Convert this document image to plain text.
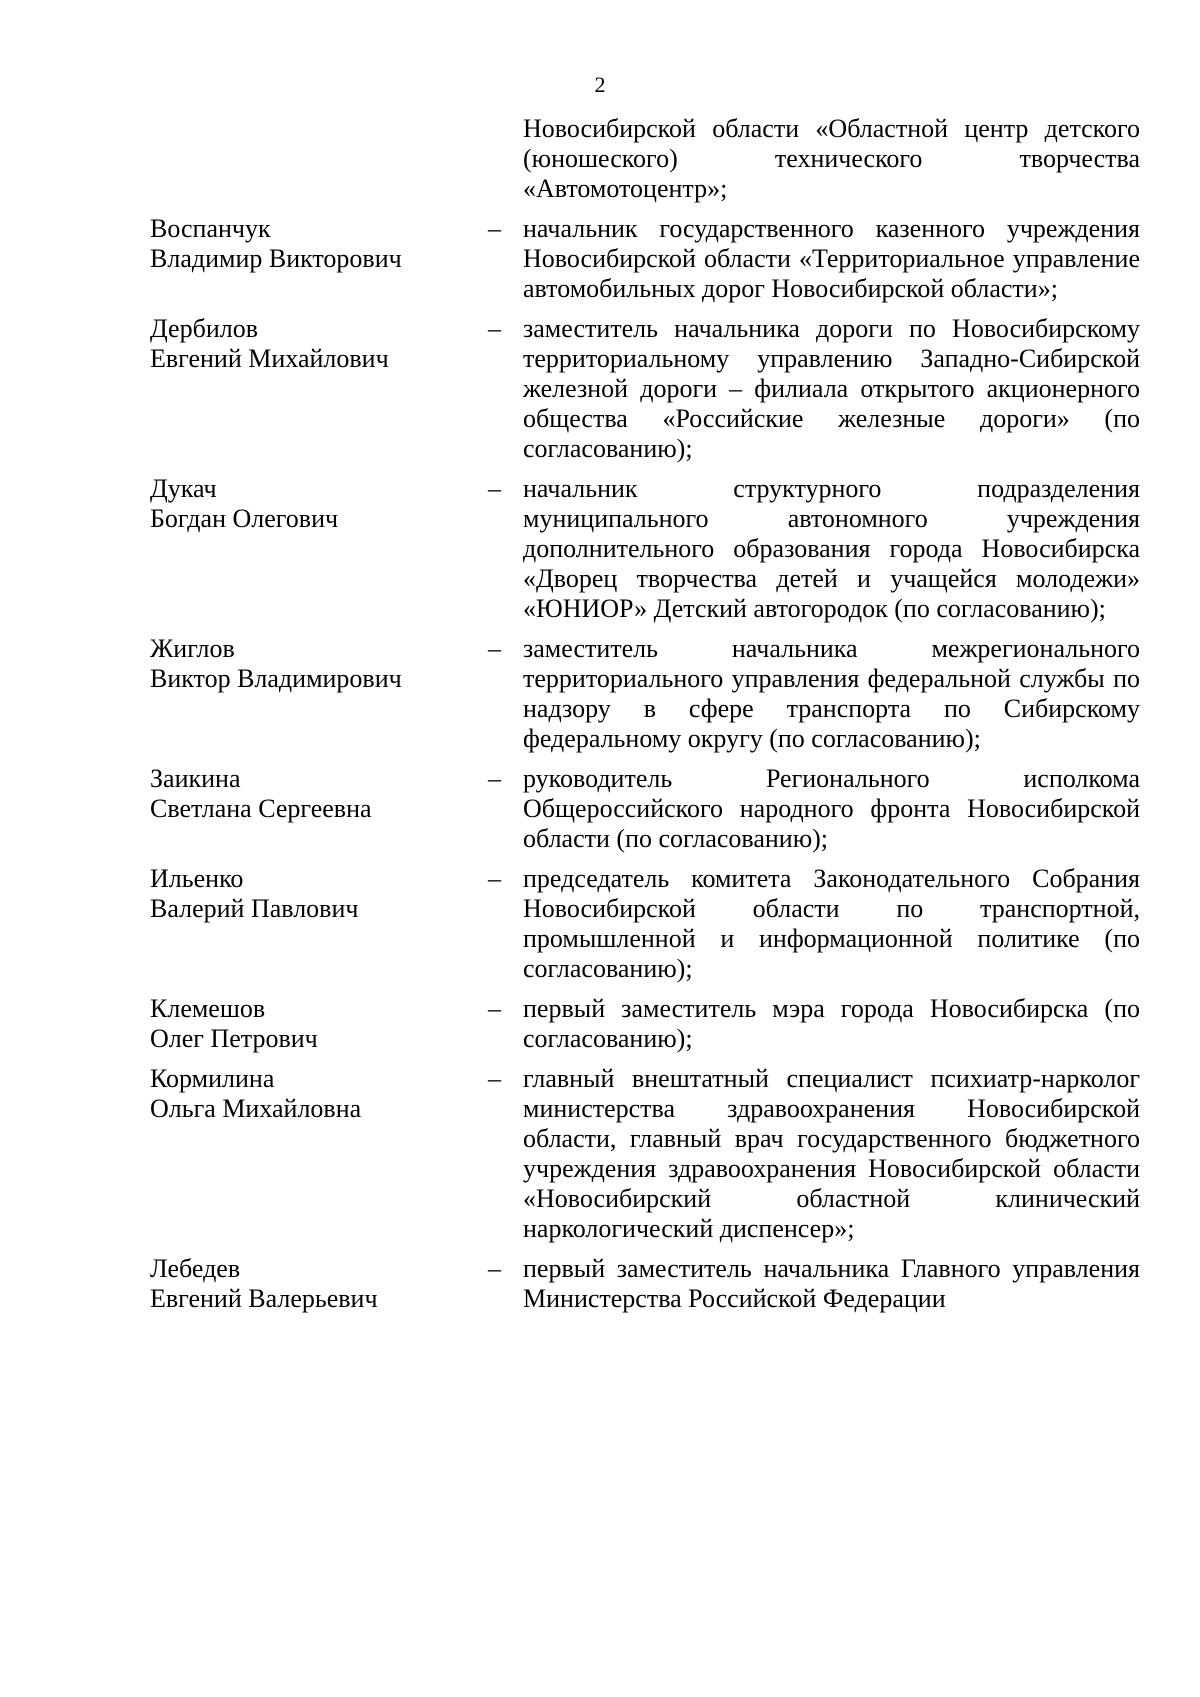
2
Новосибирской области «Областной центр детского (юношеского) технического творчества «Автомотоцентр»;
Воспанчук
Владимир Викторович
– начальник государственного казенного учреждения Новосибирской области «Территориальное управление автомобильных дорог Новосибирской области»;
Дербилов
Евгений Михайлович
– заместитель начальника дороги по Новосибирскому территориальному управлению Западно-Сибирской железной дороги – филиала открытого акционерного общества «Российские железные дороги» (по согласованию);
Дукач
Богдан Олегович
– начальник структурного подразделения муниципального автономного учреждения дополнительного образования города Новосибирска «Дворец творчества детей и учащейся молодежи» «ЮНИОР» Детский автогородок (по согласованию);
Жиглов
Виктор Владимирович
– заместитель начальника межрегионального территориального управления федеральной службы по надзору в сфере транспорта по Сибирскому федеральному округу (по согласованию);
Заикина
Светлана Сергеевна
– руководитель Регионального исполкома Общероссийского народного фронта Новосибирской области (по согласованию);
Ильенко
Валерий Павлович
– председатель комитета Законодательного Собрания Новосибирской области по транспортной, промышленной и информационной политике (по согласованию);
Клемешов
Олег Петрович
– первый заместитель мэра города Новосибирска (по согласованию);
Кормилина
Ольга Михайловна
– главный внештатный специалист психиатр-нарколог министерства здравоохранения Новосибирской области, главный врач государственного бюджетного учреждения здравоохранения Новосибирской области «Новосибирский областной клинический наркологический диспенсер»;
Лебедев
Евгений Валерьевич
– первый заместитель начальника Главного управления Министерства Российской Федерации
